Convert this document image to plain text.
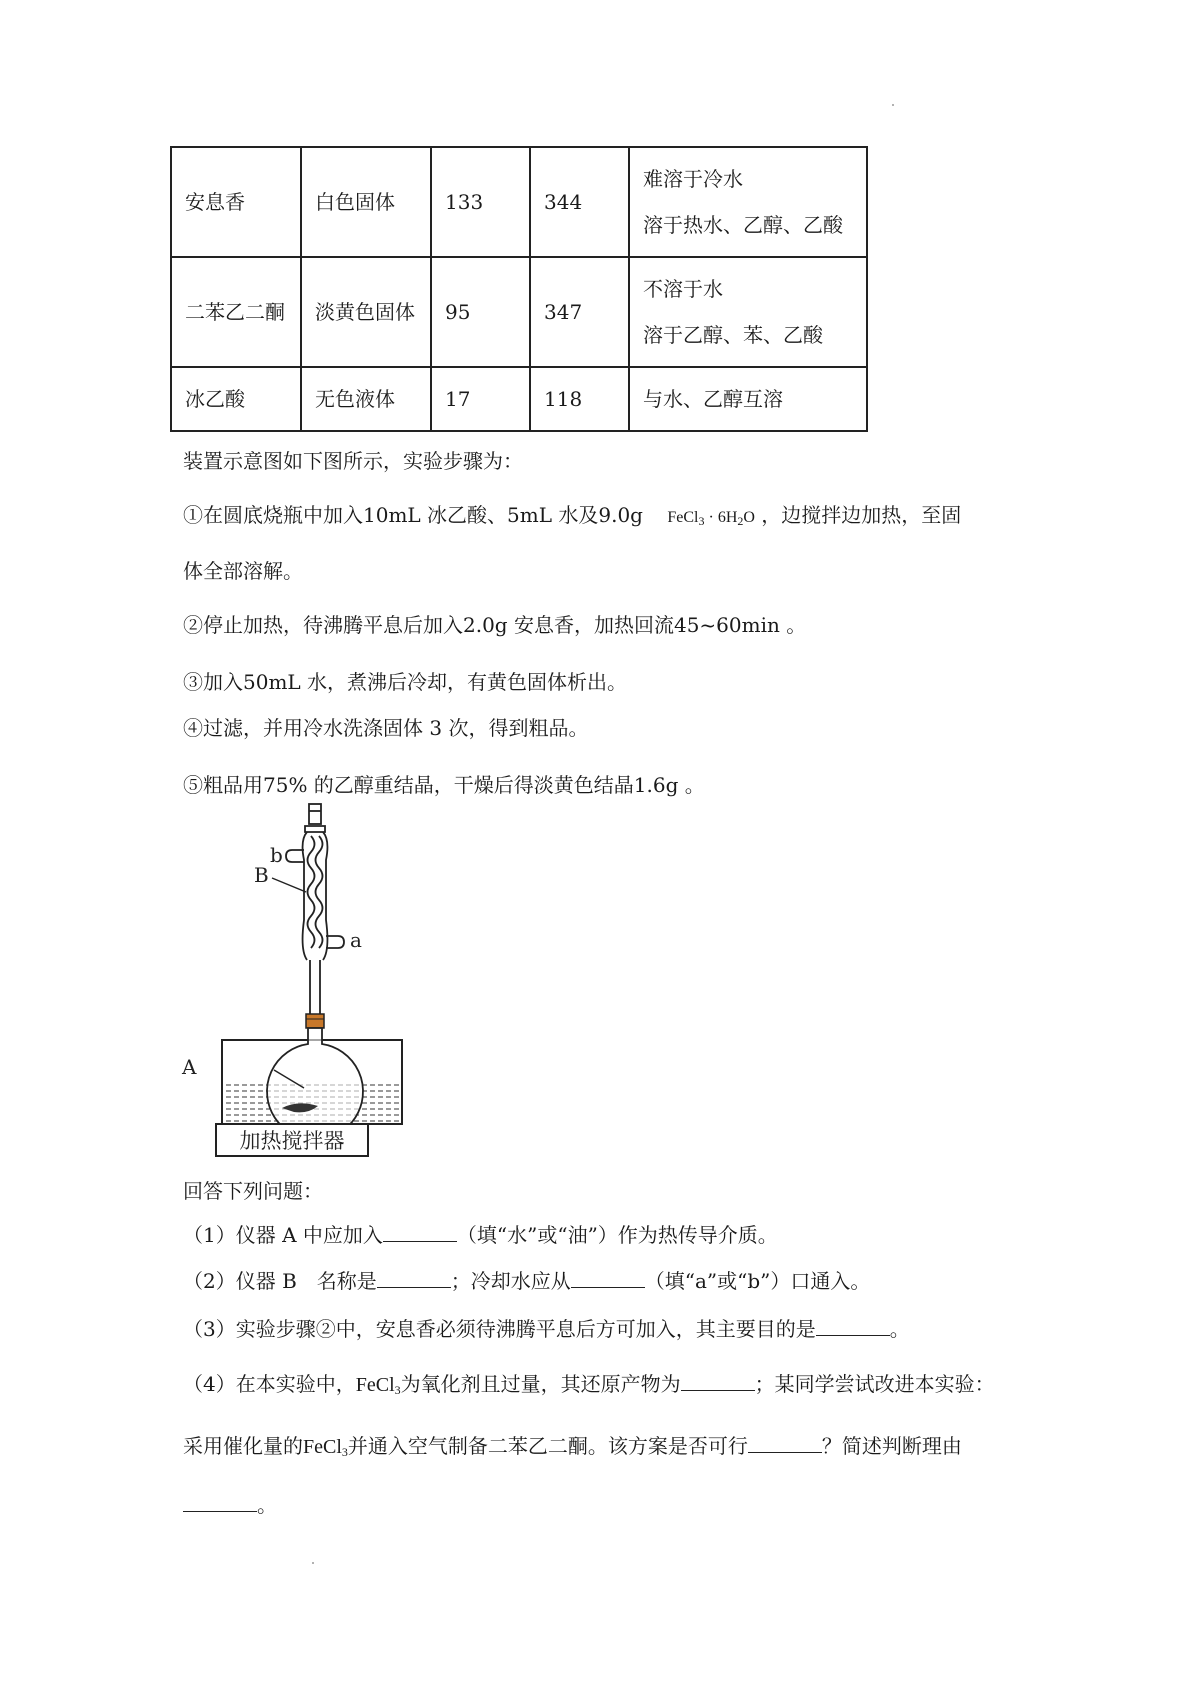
安息香	白色固体	133	344	难溶于冷水
溶于热水、乙醇、乙酸

二苯乙二酮	淡黄色固体	95	347	不溶于水
溶于乙醇、苯、乙酸

冰乙酸	无色液体	17	118	与水、乙醇互溶
装置示意图如下图所示，实验步骤为：
①在圆底烧瓶中加入10mL 冰乙酸、5mL 水及9.0g FeCl$_3$ · $6H_2O$ ，边搅拌边加热，至固
体全部溶解。
②停止加热，待沸腾平息后加入2.0g 安息香，加热回流45~60min 。
③加入50mL 水，煮沸后冷却，有黄色固体析出。
④过滤，并用冷水洗涤固体 3 次，得到粗品。
⑤粗品用75% 的乙醇重结晶，干燥后得淡黄色结晶1.6g 。
加热搅拌器
B
A
b
a
回答下列问题：
（1）仪器 A 中应加入	（填“水”或“油”）作为热传导介质。
（2）仪器 B　名称是	；冷却水应从	（填“a”或“b”）口通入。
（3）实验步骤②中，安息香必须待沸腾平息后方可加入，其主要目的是	。
（4）在本实验中，FeCl$_3$为氧化剂且过量，其还原产物为	；某同学尝试改进本实验：
采用催化量的FeCl$_3$并通入空气制备二苯乙二酮。该方案是否可行	？简述判断理由
。
